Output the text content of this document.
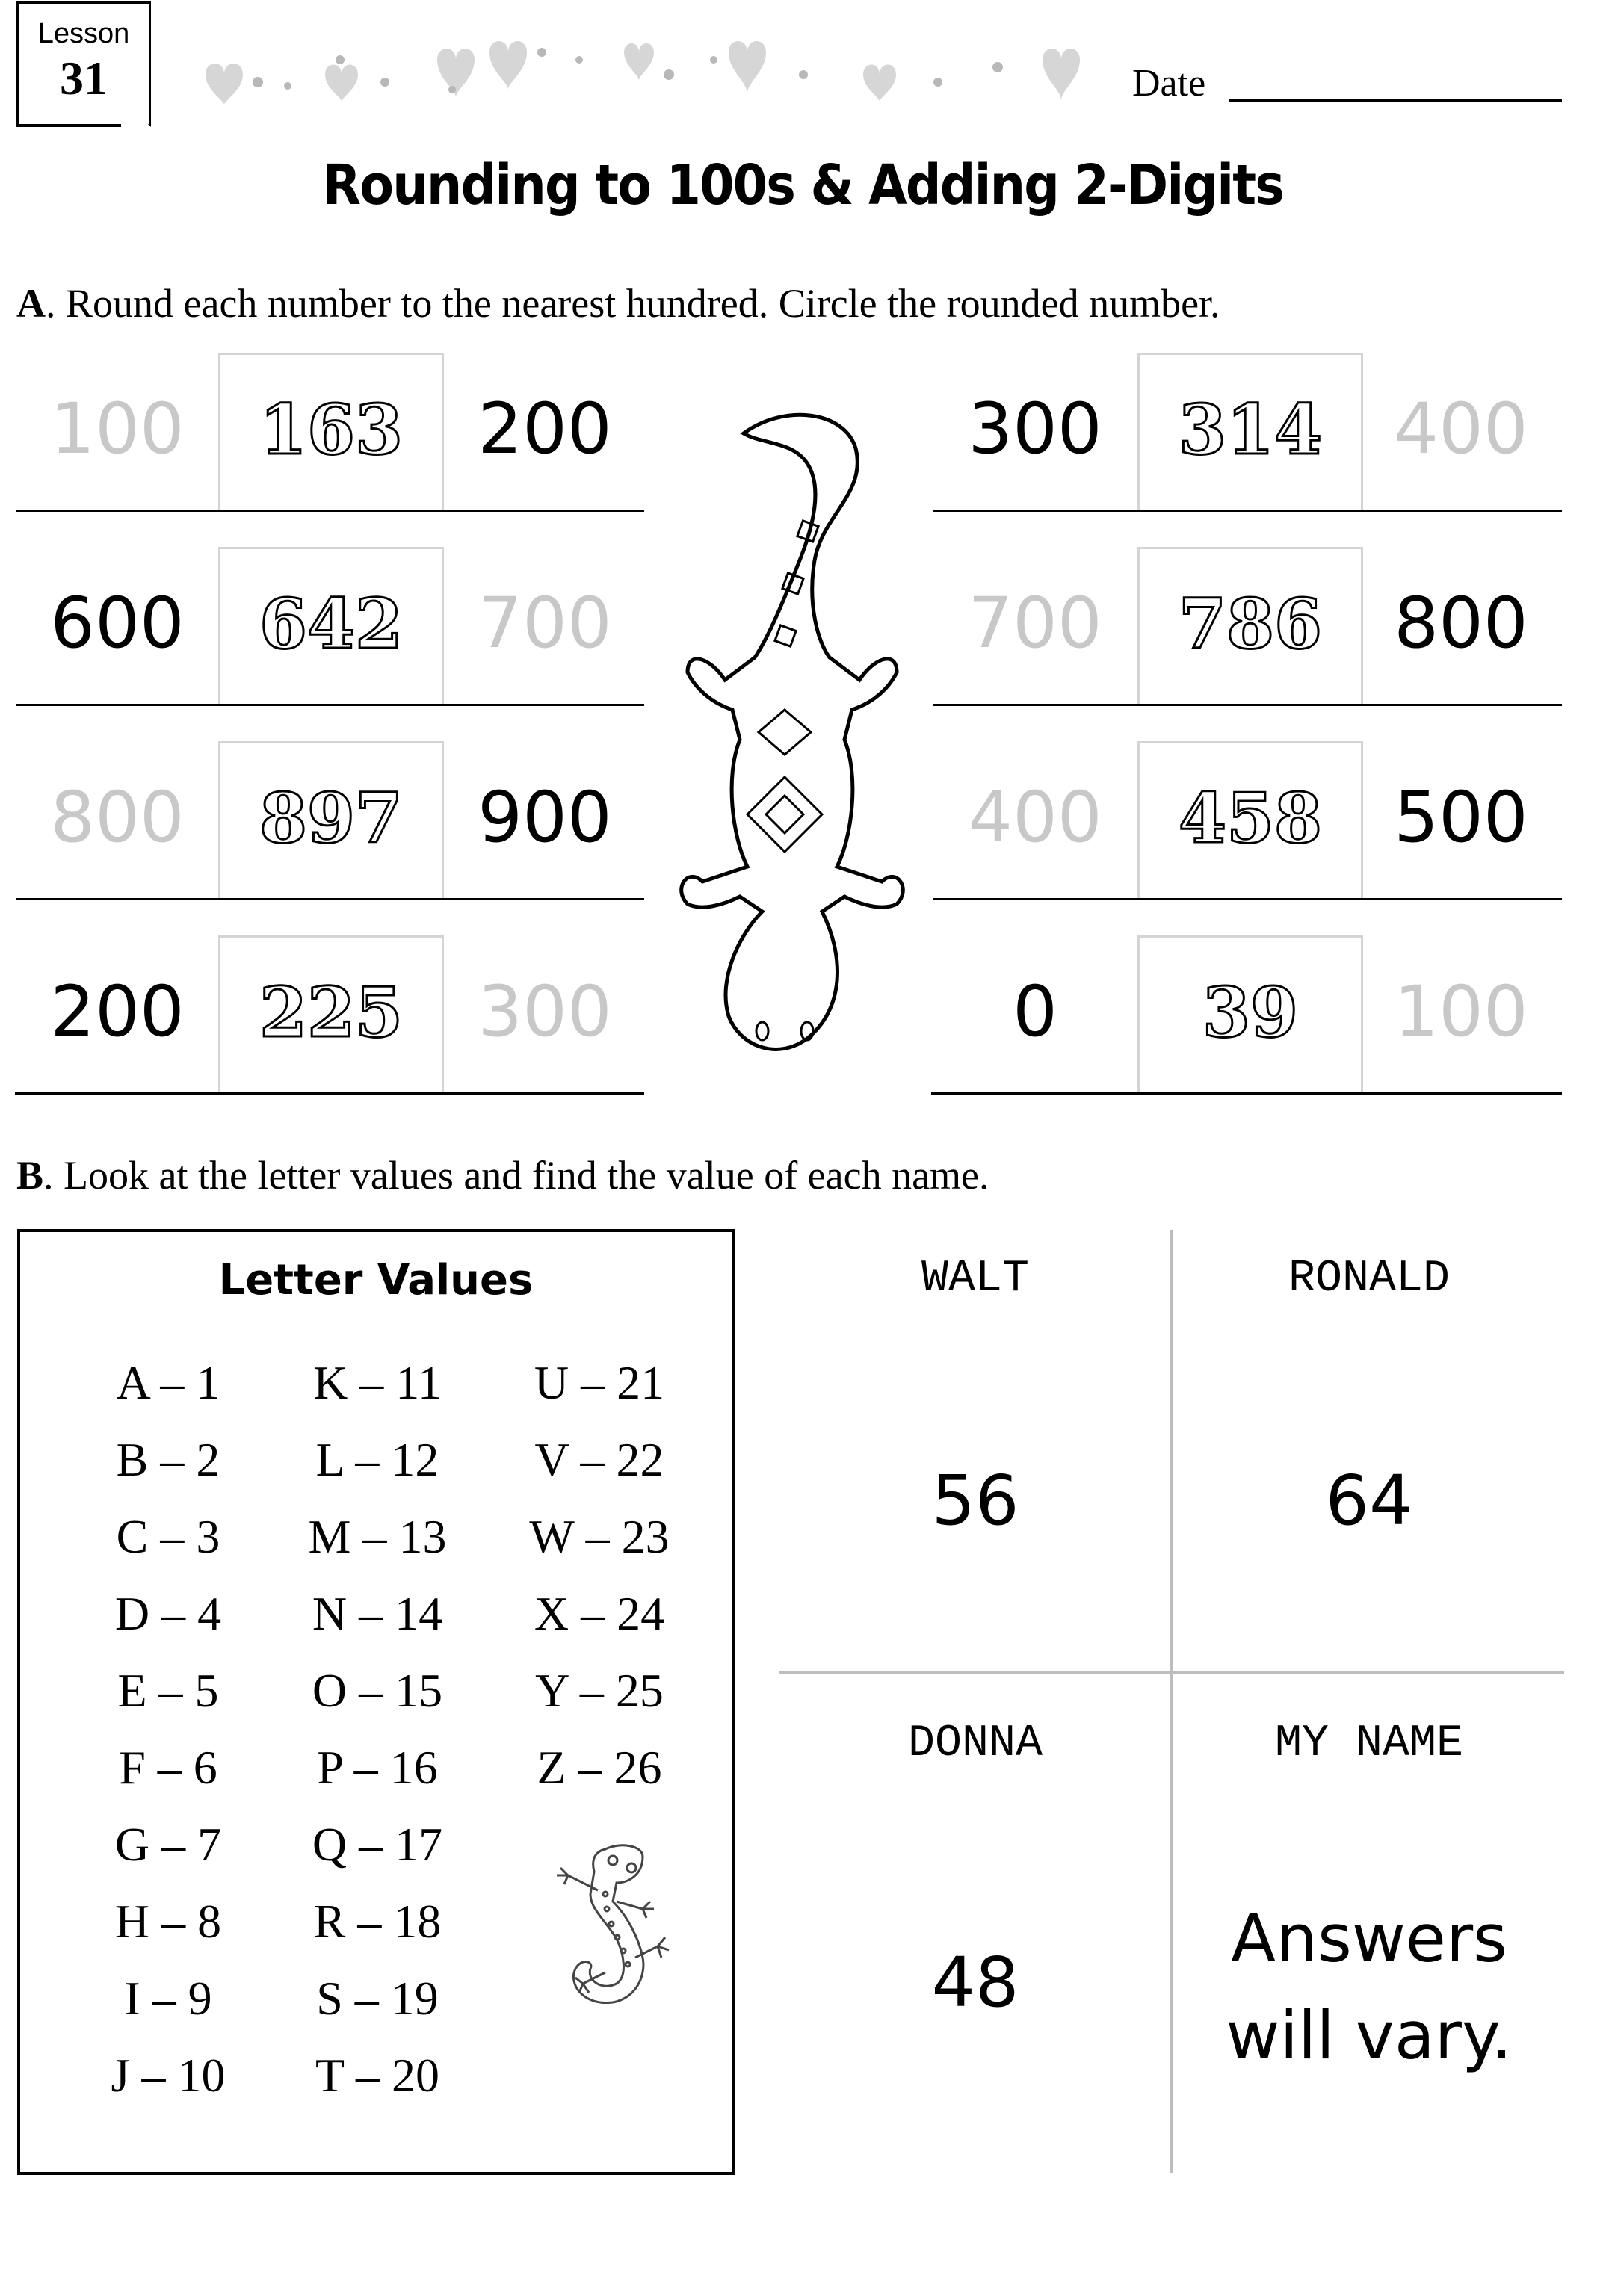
Lesson
31	Date
Rounding to 100s & Adding 2-Digits
A. Round each number to the nearest hundred. Circle the rounded number.
100	163	200
600	642	700
800	897	900
200	225	300
300	314	400
700	786	800
400	458	500
0	39	100
B. Look at the letter values and find the value of each name.
Letter Values
A – 1
B – 2
C – 3
D – 4
E – 5
F – 6
G – 7
H – 8
I – 9
J – 10
K – 11
L – 12
M – 13
N – 14
O – 15
P – 16
Q – 17
R – 18
S – 19
T – 20
U – 21
V – 22
W – 23
X – 24
Y – 25
Z – 26
WALT
56
RONALD
64
DONNA
48
MY NAME
Answers
will vary.
